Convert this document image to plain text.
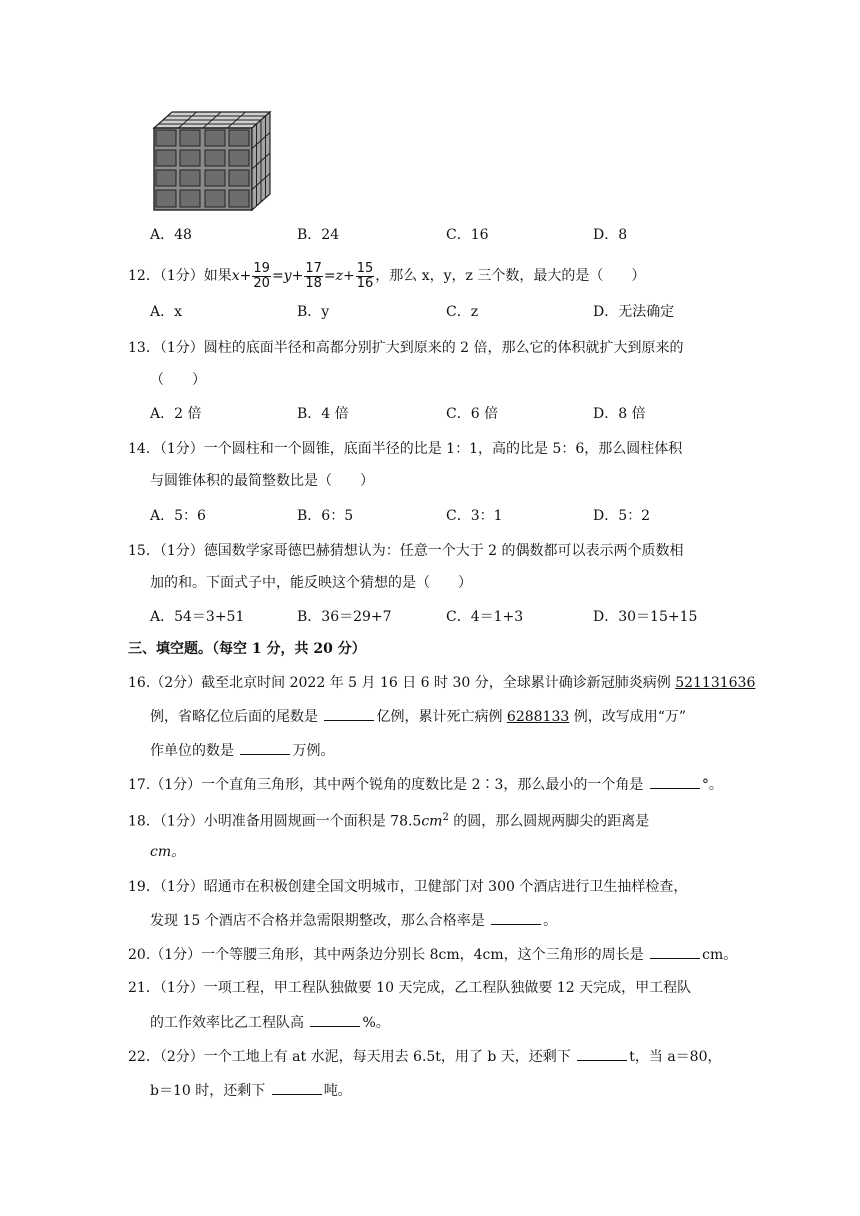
A．48	B．24	C．16	D．8
12．（1分）如果$x+ \frac{19}{20} =y+ \frac{17}{18} =z+ \frac{15}{16}$ ，那么 x，y，z 三个数，最大的是（　　）
A．x	B．y	C．z	D．无法确定
13．（1分）圆柱的底面半径和高都分别扩大到原来的 2 倍，那么它的体积就扩大到原来的
（　　）
A．2 倍	B．4 倍	C．6 倍	D．8 倍
14．（1分）一个圆柱和一个圆锥，底面半径的比是 1：1，高的比是 5：6，那么圆柱体积
与圆锥体积的最简整数比是（　　）
A．5：6	B．6：5	C．3：1	D．5：2
15．（1分）德国数学家哥德巴赫猜想认为：任意一个大于 2 的偶数都可以表示两个质数相
加的和。下面式子中，能反映这个猜想的是（　　）
A．54＝3+51	B．36＝29+7	C．4＝1+3	D．30＝15+15
三、填空题。（每空 1 分，共 20 分）
16.（2分）截至北京时间 2022 年 5 月 16 日 6 时 30 分，全球累计确诊新冠肺炎病例 521131636
例，省略亿位后面的尾数是	亿例，累计死亡病例 6288133 例，改写成用“万”
作单位的数是	万例。
17.（1分）一个直角三角形，其中两个锐角的度数比是 2∶3，那么最小的一个角是	°。
18．（1分）小明准备用圆规画一个面积是 $78.5cm^2$ 的圆，那么圆规两脚尖的距离是
cm。
19．（1分）昭通市在积极创建全国文明城市，卫健部门对 300 个酒店进行卫生抽样检查，
发现 15 个酒店不合格并急需限期整改，那么合格率是	。
20.（1分）一个等腰三角形，其中两条边分别长 8cm，4cm，这个三角形的周长是	cm。
21．（1分）一项工程，甲工程队独做要 10 天完成，乙工程队独做要 12 天完成，甲工程队
的工作效率比乙工程队高	%。
22．（2分）一个工地上有 at 水泥，每天用去 6.5t，用了 b 天，还剩下	t，当 a＝80，
b＝10 时，还剩下	吨。
